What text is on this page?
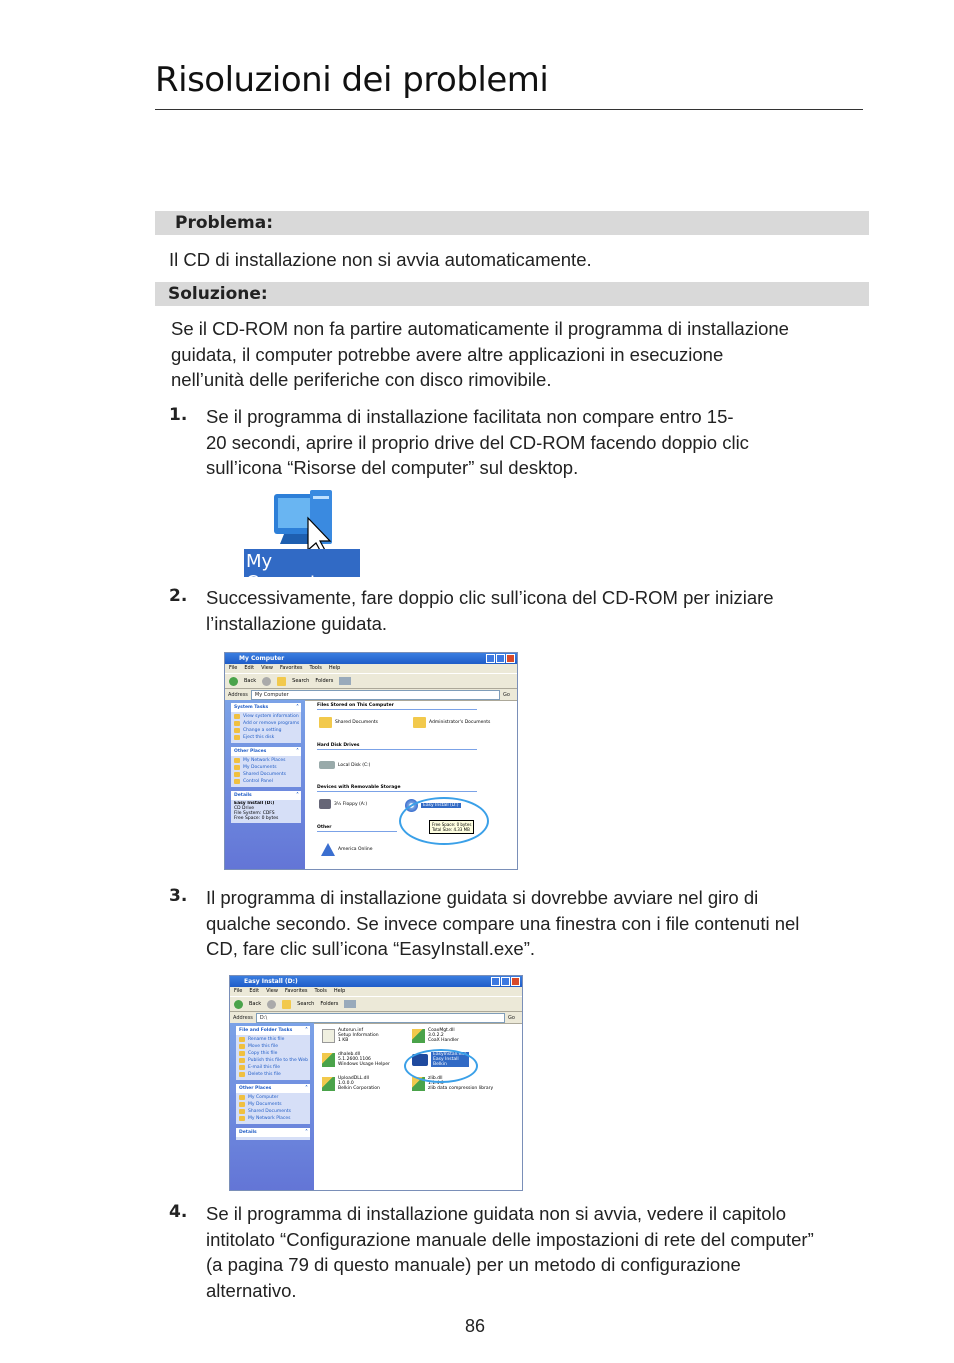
Risoluzioni dei problemi
Problema:
Il CD di installazione non si avvia automaticamente.
Soluzione:
Se il CD-ROM non fa partire automaticamente il programma di installazione
guidata, il computer potrebbe avere altre applicazioni in esecuzione
nell’unità delle periferiche con disco rimovibile.
1. Se il programma di installazione facilitata non compare entro 15-
20 secondi, aprire il proprio drive del CD-ROM facendo doppio clic
sull’icona “Risorse del computer” sul desktop.
My Computer
2. Successivamente, fare doppio clic sull’icona del CD-ROM per iniziare
l’installazione guidata.
My Computer
File Edit View Favorites Tools Help
Back	Search Folders
Address	My Computer	Go
System Tasks ˄
View system information
Add or remove programs
Change a setting
Eject this disk
Other Places ˄
My Network Places
My Documents
Shared Documents
Control Panel
Details ˄
Easy Install (D:)
CD Drive
File System: CDFS
Free Space: 0 bytes
Files Stored on This Computer
Shared Documents	Administrator's Documents
Hard Disk Drives
Local Disk (C:)
Devices with Removable Storage
3½ Floppy (A:)	Easy Install (D:)
Free Space: 0 bytes
Total Size: 4.33 MB
Other
America Online
3. Il programma di installazione guidata si dovrebbe avviare nel giro di
qualche secondo. Se invece compare una finestra con i file contenuti nel
CD, fare clic sull’icona “EasyInstall.exe”.
Easy Install (D:)
File Edit View Favorites Tools Help
Back	Search Folders
Address	D:\	Go
File and Folder Tasks ˄
Rename this file
Move this file
Copy this file
Publish this file to the Web
E-mail this file
Delete this file
Other Places ˄
My Computer
My Documents
Shared Documents
My Network Places
Details ˄
Autorun.inf
Setup Information
1 KB
CoaxMgt.dll
3.0.2.2
CoaX Handler
dhaleb.dll
5.1.2600.1106
Windows Usage Helper
EasyInstall.exe
Easy Install
Belkin
UploadDLL.dll
1.0.0.0
Belkin Corporation
zlib.dll
1.1.4.0
zlib data compression library
4. Se il programma di installazione guidata non si avvia, vedere il capitolo
intitolato “Configurazione manuale delle impostazioni di rete del computer”
(a pagina 79 di questo manuale) per un metodo di configurazione
alternativo.
86
